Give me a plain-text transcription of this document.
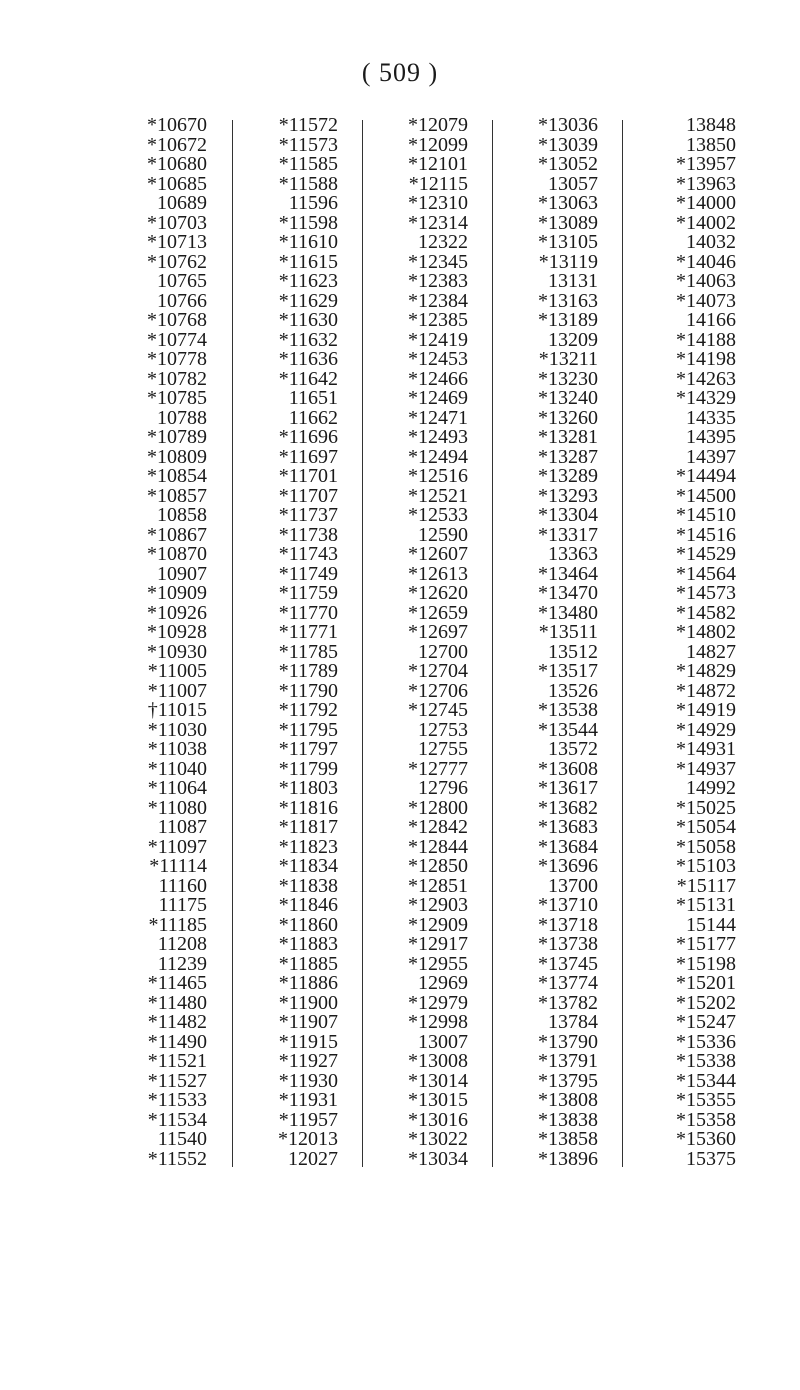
( 509 )
*10670
*10672
*10680
*10685
10689
*10703
*10713
*10762
10765
10766
*10768
*10774
*10778
*10782
*10785
10788
*10789
*10809
*10854
*10857
10858
*10867
*10870
10907
*10909
*10926
*10928
*10930
*11005
*11007
†11015
*11030
*11038
*11040
*11064
*11080
11087
*11097
*11114
11160
11175
*11185
11208
11239
*11465
*11480
*11482
*11490
*11521
*11527
*11533
*11534
11540
*11552
*11572
*11573
*11585
*11588
11596
*11598
*11610
*11615
*11623
*11629
*11630
*11632
*11636
*11642
11651
11662
*11696
*11697
*11701
*11707
*11737
*11738
*11743
*11749
*11759
*11770
*11771
*11785
*11789
*11790
*11792
*11795
*11797
*11799
*11803
*11816
*11817
*11823
*11834
*11838
*11846
*11860
*11883
*11885
*11886
*11900
*11907
*11915
*11927
*11930
*11931
*11957
*12013
12027
*12079
*12099
*12101
*12115
*12310
*12314
12322
*12345
*12383
*12384
*12385
*12419
*12453
*12466
*12469
*12471
*12493
*12494
*12516
*12521
*12533
12590
*12607
*12613
*12620
*12659
*12697
12700
*12704
*12706
*12745
12753
12755
*12777
12796
*12800
*12842
*12844
*12850
*12851
*12903
*12909
*12917
*12955
12969
*12979
*12998
13007
*13008
*13014
*13015
*13016
*13022
*13034
*13036
*13039
*13052
13057
*13063
*13089
*13105
*13119
13131
*13163
*13189
13209
*13211
*13230
*13240
*13260
*13281
*13287
*13289
*13293
*13304
*13317
13363
*13464
*13470
*13480
*13511
13512
*13517
13526
*13538
*13544
13572
*13608
*13617
*13682
*13683
*13684
*13696
13700
*13710
*13718
*13738
*13745
*13774
*13782
13784
*13790
*13791
*13795
*13808
*13838
*13858
*13896
13848
13850
*13957
*13963
*14000
*14002
14032
*14046
*14063
*14073
14166
*14188
*14198
*14263
*14329
14335
14395
14397
*14494
*14500
*14510
*14516
*14529
*14564
*14573
*14582
*14802
14827
*14829
*14872
*14919
*14929
*14931
*14937
14992
*15025
*15054
*15058
*15103
*15117
*15131
15144
*15177
*15198
*15201
*15202
*15247
*15336
*15338
*15344
*15355
*15358
*15360
15375
